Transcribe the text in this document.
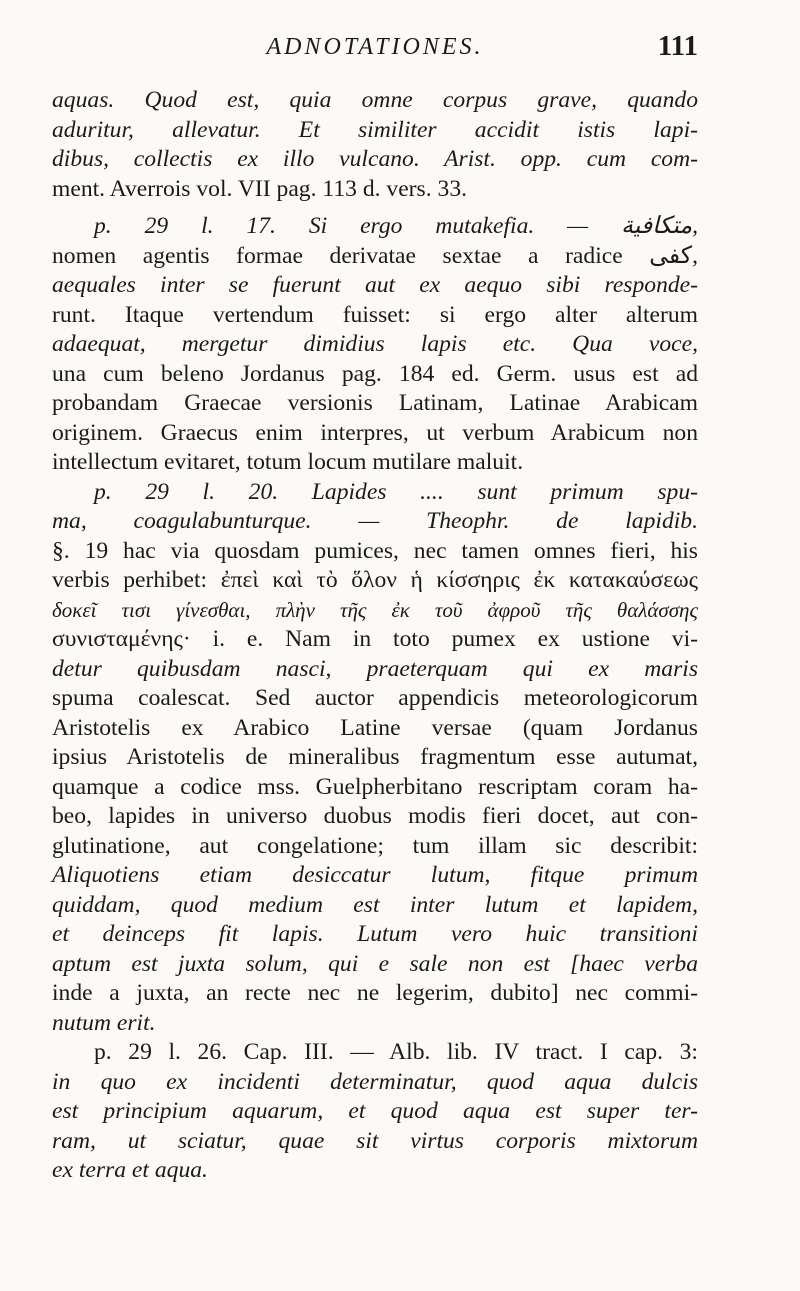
ADNOTATIONES.	111
aquas. Quod est, quia omne corpus grave, quando
aduritur, allevatur. Et similiter accidit istis lapi-
dibus, collectis ex illo vulcano. Arist. opp. cum com-
ment. Averrois vol. VII pag. 113 d. vers. 33.
p. 29 l. 17. Si ergo mutakefia. — متكافية,
nomen agentis formae derivatae sextae a radice كفى,
aequales inter se fuerunt aut ex aequo sibi responde-
runt. Itaque vertendum fuisset: si ergo alter alterum
adaequat, mergetur dimidius lapis etc. Qua voce,
una cum beleno Jordanus pag. 184 ed. Germ. usus est ad
probandam Graecae versionis Latinam, Latinae Arabicam
originem. Graecus enim interpres, ut verbum Arabicum non
intellectum evitaret, totum locum mutilare maluit.
p. 29 l. 20. Lapides .... sunt primum spu-
ma, coagulabunturque. — Theophr. de lapidib.
§. 19 hac via quosdam pumices, nec tamen omnes fieri, his
verbis perhibet: ἐπεὶ καὶ τὸ ὅλον ἡ κίσσηρις ἐκ κατακαύσεως
δοκεῖ τισι γίνεσθαι, πλὴν τῆς ἐκ τοῦ ἀφροῦ τῆς θαλάσσης
συνισταμένης· i. e. Nam in toto pumex ex ustione vi-
detur quibusdam nasci, praeterquam qui ex maris
spuma coalescat. Sed auctor appendicis meteorologicorum
Aristotelis ex Arabico Latine versae (quam Jordanus
ipsius Aristotelis de mineralibus fragmentum esse autumat,
quamque a codice mss. Guelpherbitano rescriptam coram ha-
beo, lapides in universo duobus modis fieri docet, aut con-
glutinatione, aut congelatione; tum illam sic describit:
Aliquotiens etiam desiccatur lutum, fitque primum
quiddam, quod medium est inter lutum et lapidem,
et deinceps fit lapis. Lutum vero huic transitioni
aptum est juxta solum, qui e sale non est [haec verba
inde a juxta, an recte nec ne legerim, dubito] nec commi-
nutum erit.
p. 29 l. 26. Cap. III. — Alb. lib. IV tract. I cap. 3:
in quo ex incidenti determinatur, quod aqua dulcis
est principium aquarum, et quod aqua est super ter-
ram, ut sciatur, quae sit virtus corporis mixtorum
ex terra et aqua.
